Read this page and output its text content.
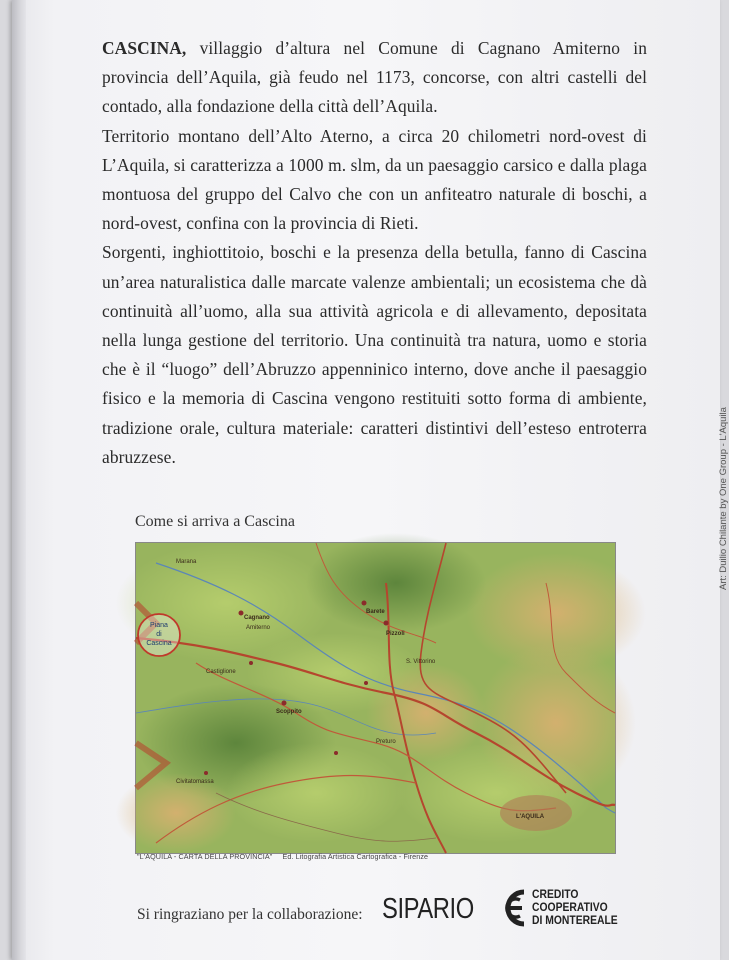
CASCINA, villaggio d’altura nel Comune di Cagnano Amiterno in provincia dell’Aquila, già feudo nel 1173, concorse, con altri castelli del contado, alla fondazione della città dell’Aquila.

Territorio montano dell’Alto Aterno, a circa 20 chilometri nord-ovest di L’Aquila, si caratterizza a 1000 m. slm, da un paesaggio carsico e dalla plaga montuosa del gruppo del Calvo che con un anfiteatro naturale di boschi, a nord-ovest, confina con la provincia di Rieti.

Sorgenti, inghiottitoio, boschi e la presenza della betulla, fanno di Cascina un’area naturalistica dalle marcate valenze ambientali; un ecosistema che dà continuità all’uomo, alla sua attività agricola e di allevamento, depositata nella lunga gestione del territorio. Una continuità tra natura, uomo e storia che è il “luogo” dell’Abruzzo appenninico interno, dove anche il paesaggio fisico e la memoria di Cascina vengono restituiti sotto forma di ambiente, tradizione orale, cultura materiale: caratteri distintivi dell’esteso entroterra abruzzese.

Come si arriva a Cascina
Piana
di
Cascina
Cagnano
Amiterno
Barete
Pizzoli
Scoppito
L'AQUILA
Castiglione
Marana
Civitatomassa
Preturo
S. Vittorino
"L'AQUILA - CARTA DELLA PROVINCIA" Ed. Litografia Artistica Cartografica - Firenze
Si ringraziano per la collaborazione: SIPARIO	CREDITO
COOPERATIVO
DI MONTEREALE
Art: Duilio Chilante by One Group - L'Aquila
